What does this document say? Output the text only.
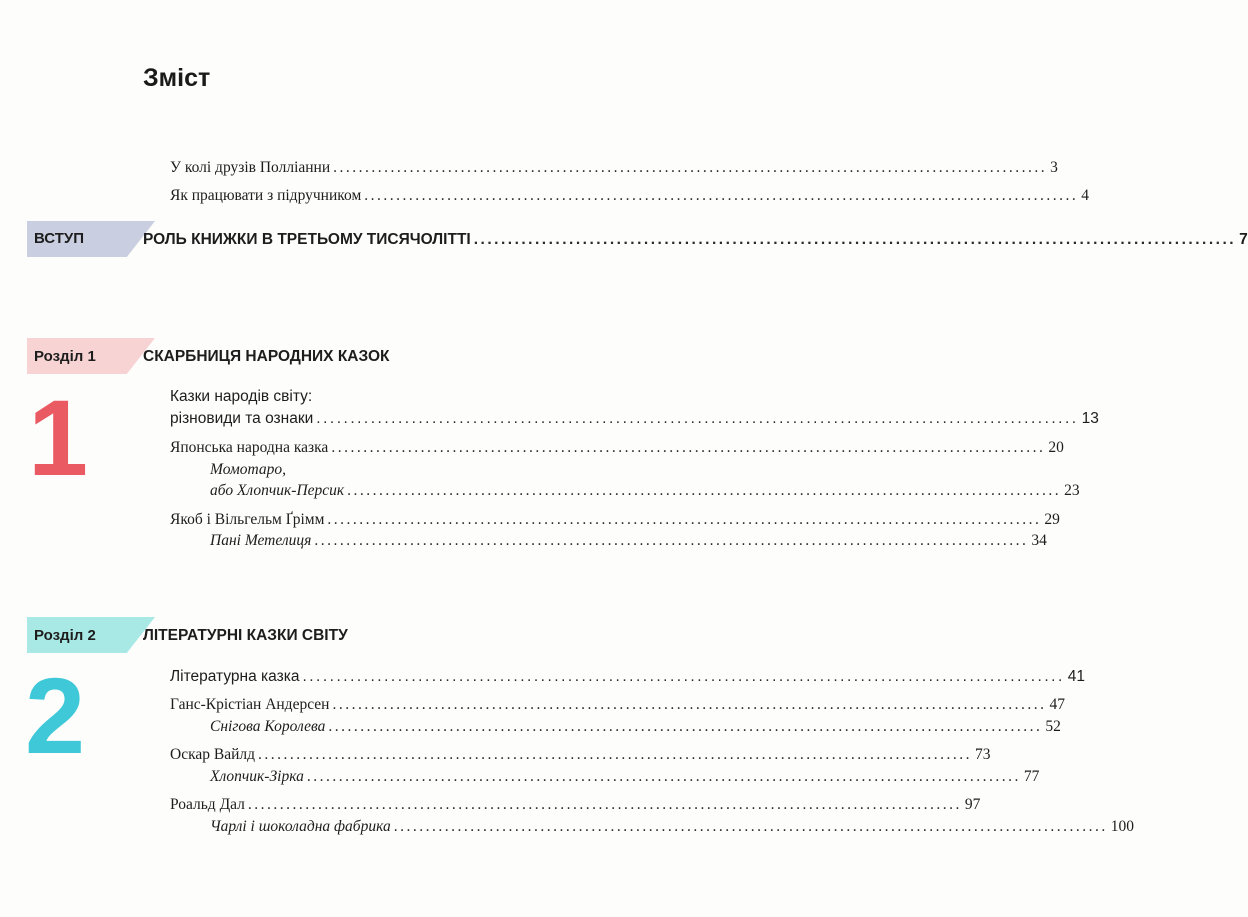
Зміст
У колі друзів Полліанни ................................................................................................................ 3
Як працювати з підручником ................................................................................................................ 4
ВСТУП	РОЛЬ КНИЖКИ В ТРЕТЬОМУ ТИСЯЧОЛІТТІ ................................................................................................................ 7
Розділ 1	СКАРБНИЦЯ НАРОДНИХ КАЗОК
1	Казки народів світу:
різновиди та ознаки ................................................................................................................ 13
Японська народна казка ................................................................................................................ 20
Момотаро,
або Хлопчик-Персик ................................................................................................................ 23
Якоб і Вільгельм Ґрімм ................................................................................................................ 29
Пані Метелиця ................................................................................................................ 34
Розділ 2	ЛІТЕРАТУРНІ КАЗКИ СВІТУ
2	Літературна казка ................................................................................................................ 41
Ганс-Крістіан Андерсен ................................................................................................................ 47
Снігова Королева ................................................................................................................ 52
Оскар Вайлд ................................................................................................................ 73
Хлопчик-Зірка ................................................................................................................ 77
Роальд Дал ................................................................................................................ 97
Чарлі і шоколадна фабрика ................................................................................................................ 100
